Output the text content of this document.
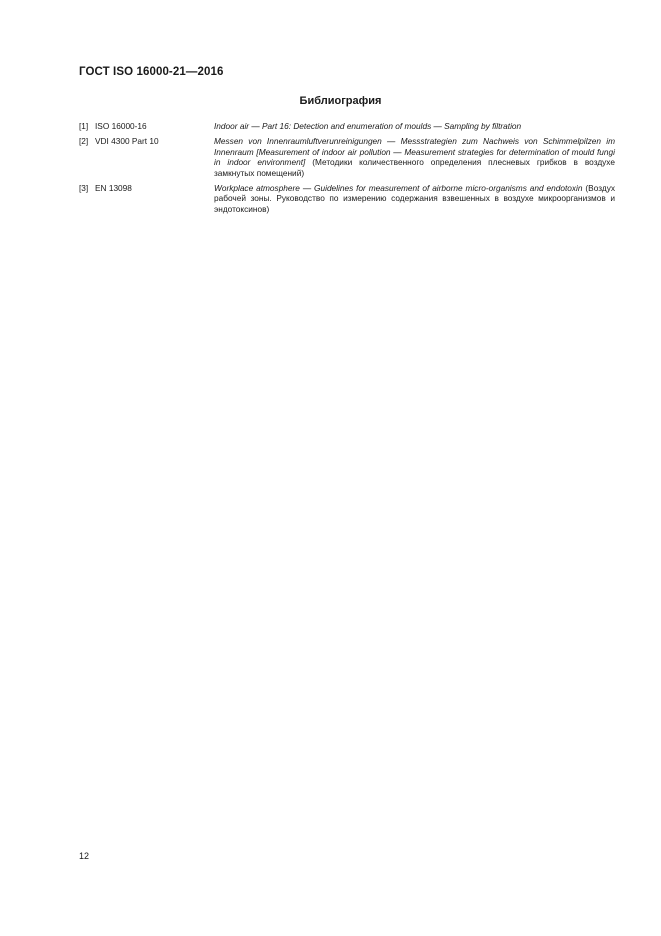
ГОСТ ISO 16000-21—2016
Библиография
[1] ISO 16000-16	Indoor air — Part 16: Detection and enumeration of moulds — Sampling by filtration
[2] VDI 4300 Part 10	Messen von Innenraumluftverunreinigungen — Messstrategien zum Nachweis von Schimmelpilzen im Innenraum [Measurement of indoor air pollution — Measurement strategies for determination of mould fungi in indoor environment] (Методики количественного определения плесневых грибков в воздухе замкнутых помещений)
[3] EN 13098	Workplace atmosphere — Guidelines for measurement of airborne micro-organisms and endotoxin (Воздух рабочей зоны. Руководство по измерению содержания взвешенных в воздухе микроорганизмов и эндотоксинов)
12
